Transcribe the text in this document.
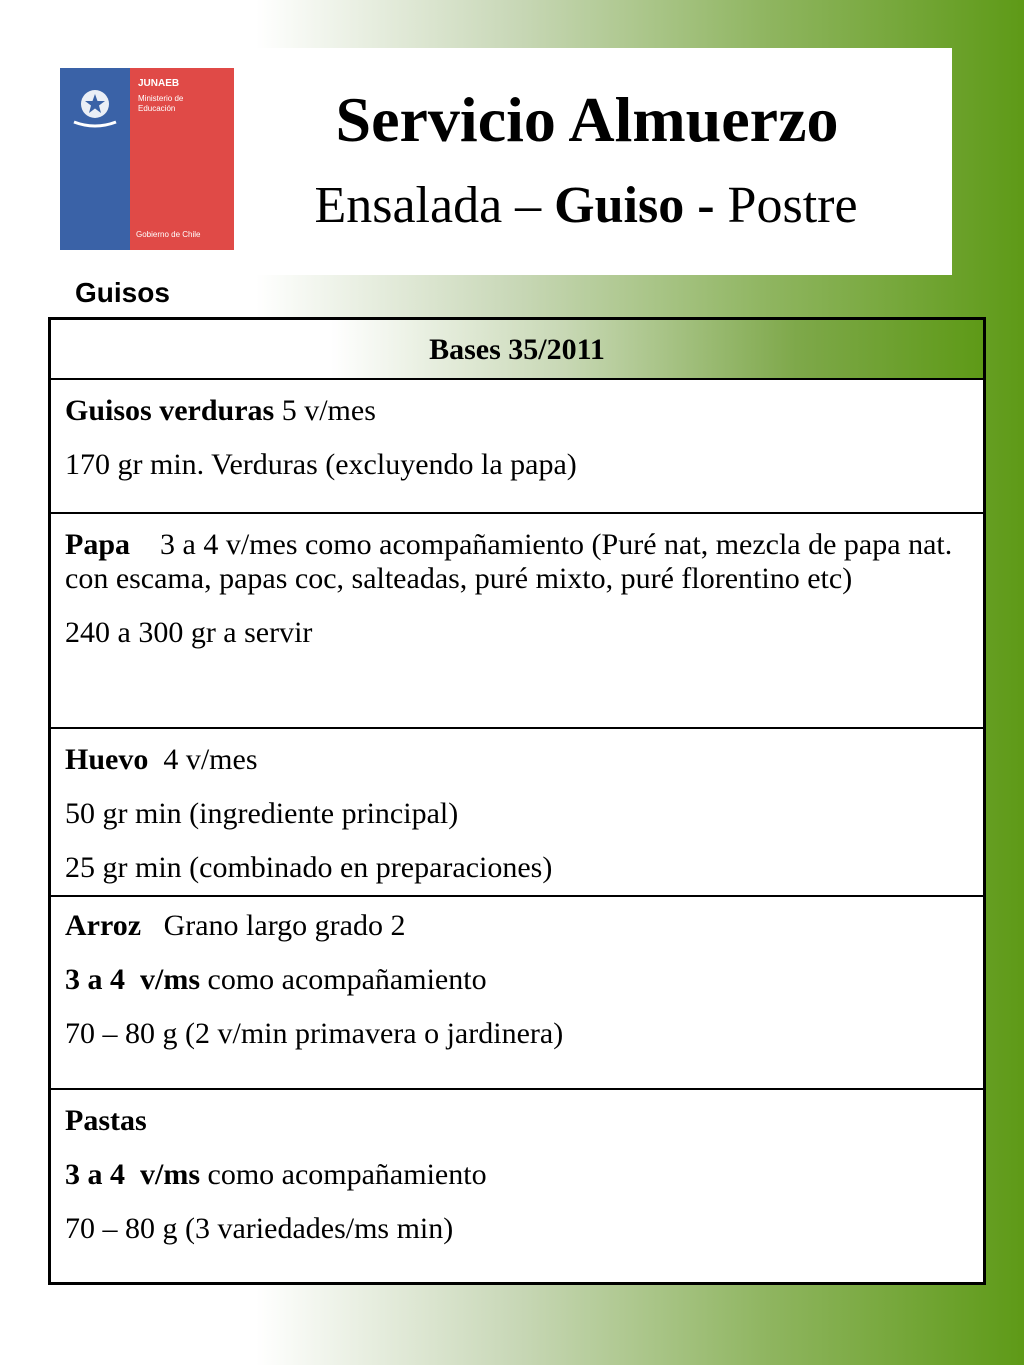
JUNAEB
Ministerio de Educación
Gobierno de Chile
Servicio Almuerzo
Ensalada – Guiso - Postre
Guisos
Bases 35/2011

Guisos verduras 5 v/mes

170 gr min. Verduras (excluyendo la papa)

Papa    3 a 4 v/mes como acompañamiento (Puré nat, mezcla de papa nat. con escama, papas coc, salteadas, puré mixto, puré florentino etc)

240 a 300 gr a servir

Huevo  4 v/mes

50 gr min (ingrediente principal)

25 gr min (combinado en preparaciones)

Arroz   Grano largo grado 2

3 a 4  v/ms como acompañamiento

70 – 80 g (2 v/min primavera o jardinera)

Pastas

3 a 4  v/ms como acompañamiento

70 – 80 g (3 variedades/ms min)
